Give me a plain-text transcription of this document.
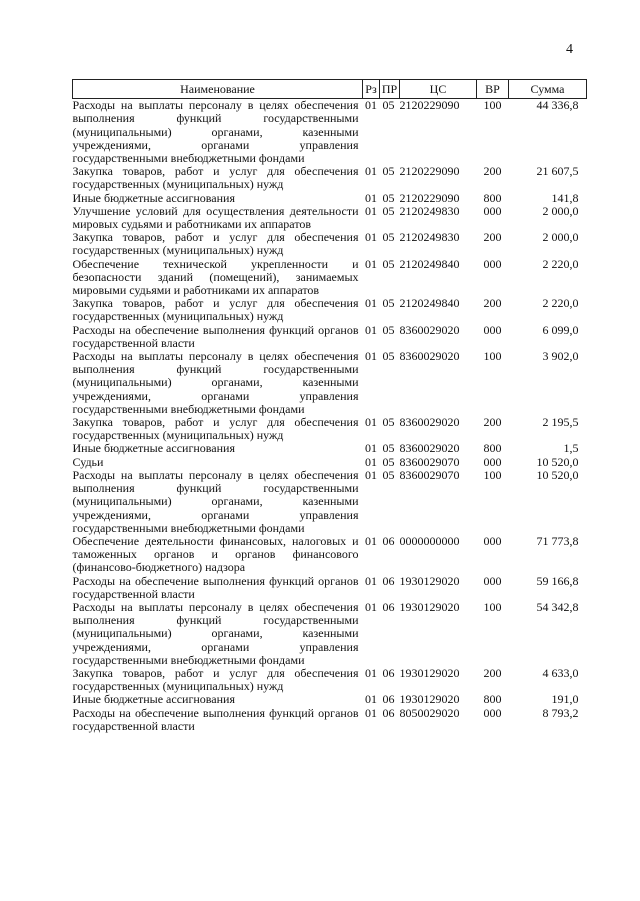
4
Наименование	Рз	ПР	ЦС	ВР	Сумма
Расходы на выплаты персоналу в целях обеспечения выполнения функций государственными (муниципальными) органами, казенными учреждениями, органами управления государственными внебюджетными фондами	01	05	2120229090	100	44 336,8
Закупка товаров, работ и услуг для обеспечения государственных (муниципальных) нужд	01	05	2120229090	200	21 607,5
Иные бюджетные ассигнования	01	05	2120229090	800	141,8
Улучшение условий для осуществления деятельности мировых судьями и работниками их аппаратов	01	05	2120249830	000	2 000,0
Закупка товаров, работ и услуг для обеспечения государственных (муниципальных) нужд	01	05	2120249830	200	2 000,0
Обеспечение технической укрепленности и безопасности зданий (помещений), занимаемых мировыми судьями и работниками их аппаратов	01	05	2120249840	000	2 220,0
Закупка товаров, работ и услуг для обеспечения государственных (муниципальных) нужд	01	05	2120249840	200	2 220,0
Расходы на обеспечение выполнения функций органов государственной власти	01	05	8360029020	000	6 099,0
Расходы на выплаты персоналу в целях обеспечения выполнения функций государственными (муниципальными) органами, казенными учреждениями, органами управления государственными внебюджетными фондами	01	05	8360029020	100	3 902,0
Закупка товаров, работ и услуг для обеспечения государственных (муниципальных) нужд	01	05	8360029020	200	2 195,5
Иные бюджетные ассигнования	01	05	8360029020	800	1,5
Судьи	01	05	8360029070	000	10 520,0
Расходы на выплаты персоналу в целях обеспечения выполнения функций государственными (муниципальными) органами, казенными учреждениями, органами управления государственными внебюджетными фондами	01	05	8360029070	100	10 520,0
Обеспечение деятельности финансовых, налоговых и таможенных органов и органов финансового (финансово-бюджетного) надзора	01	06	0000000000	000	71 773,8
Расходы на обеспечение выполнения функций органов государственной власти	01	06	1930129020	000	59 166,8
Расходы на выплаты персоналу в целях обеспечения выполнения функций государственными (муниципальными) органами, казенными учреждениями, органами управления государственными внебюджетными фондами	01	06	1930129020	100	54 342,8
Закупка товаров, работ и услуг для обеспечения государственных (муниципальных) нужд	01	06	1930129020	200	4 633,0
Иные бюджетные ассигнования	01	06	1930129020	800	191,0
Расходы на обеспечение выполнения функций органов государственной власти	01	06	8050029020	000	8 793,2
